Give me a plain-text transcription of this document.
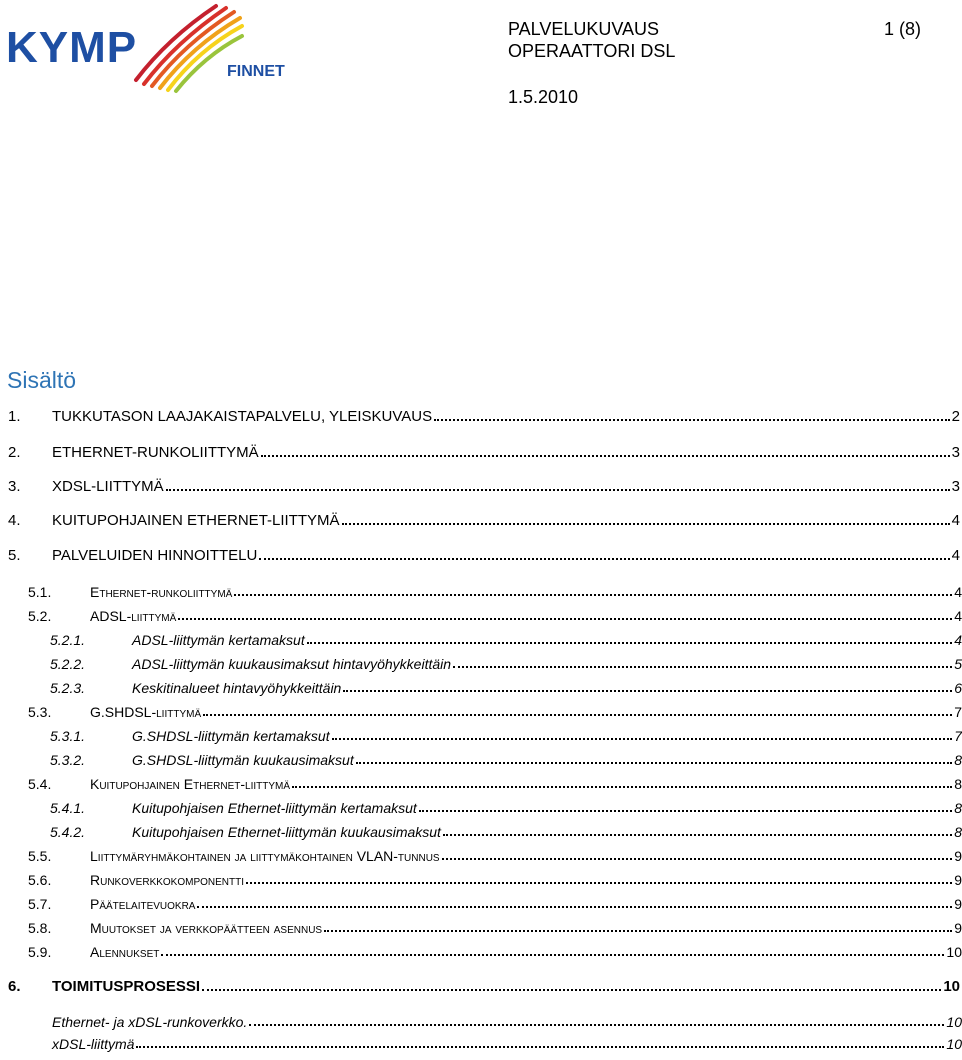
KYMP	FINNET
PALVELUKUVAUS
OPERAATTORI DSL
1 (8)
1.5.2010
Sisältö
1. TUKKUTASON LAAJAKAISTAPALVELU, YLEISKUVAUS	2
2. ETHERNET-RUNKOLIITTYMÄ	3
3. XDSL-LIITTYMÄ	3
4. KUITUPOHJAINEN ETHERNET-LIITTYMÄ	4
5. PALVELUIDEN HINNOITTELU	4
5.1.	Ethernet-runkoliittymä	4
5.2.	ADSL-liittymä	4
5.2.1.	ADSL-liittymän kertamaksut	4
5.2.2.	ADSL-liittymän kuukausimaksut hintavyöhykkeittäin	5
5.2.3.	Keskitinalueet hintavyöhykkeittäin	6
5.3.	G.SHDSL-liittymä	7
5.3.1.	G.SHDSL-liittymän kertamaksut	7
5.3.2.	G.SHDSL-liittymän kuukausimaksut	8
5.4.	Kuitupohjainen Ethernet-liittymä	8
5.4.1.	Kuitupohjaisen Ethernet-liittymän kertamaksut	8
5.4.2.	Kuitupohjaisen Ethernet-liittymän kuukausimaksut	8
5.5.	Liittymäryhmäkohtainen ja liittymäkohtainen VLAN-tunnus	9
5.6.	Runkoverkkokomponentti	9
5.7.	Päätelaitevuokra	9
5.8.	Muutokset ja verkkopäätteen asennus	9
5.9.	Alennukset	10
6. TOIMITUSPROSESSI	10
Ethernet- ja xDSL-runkoverkko.	10
xDSL-liittymä	10
